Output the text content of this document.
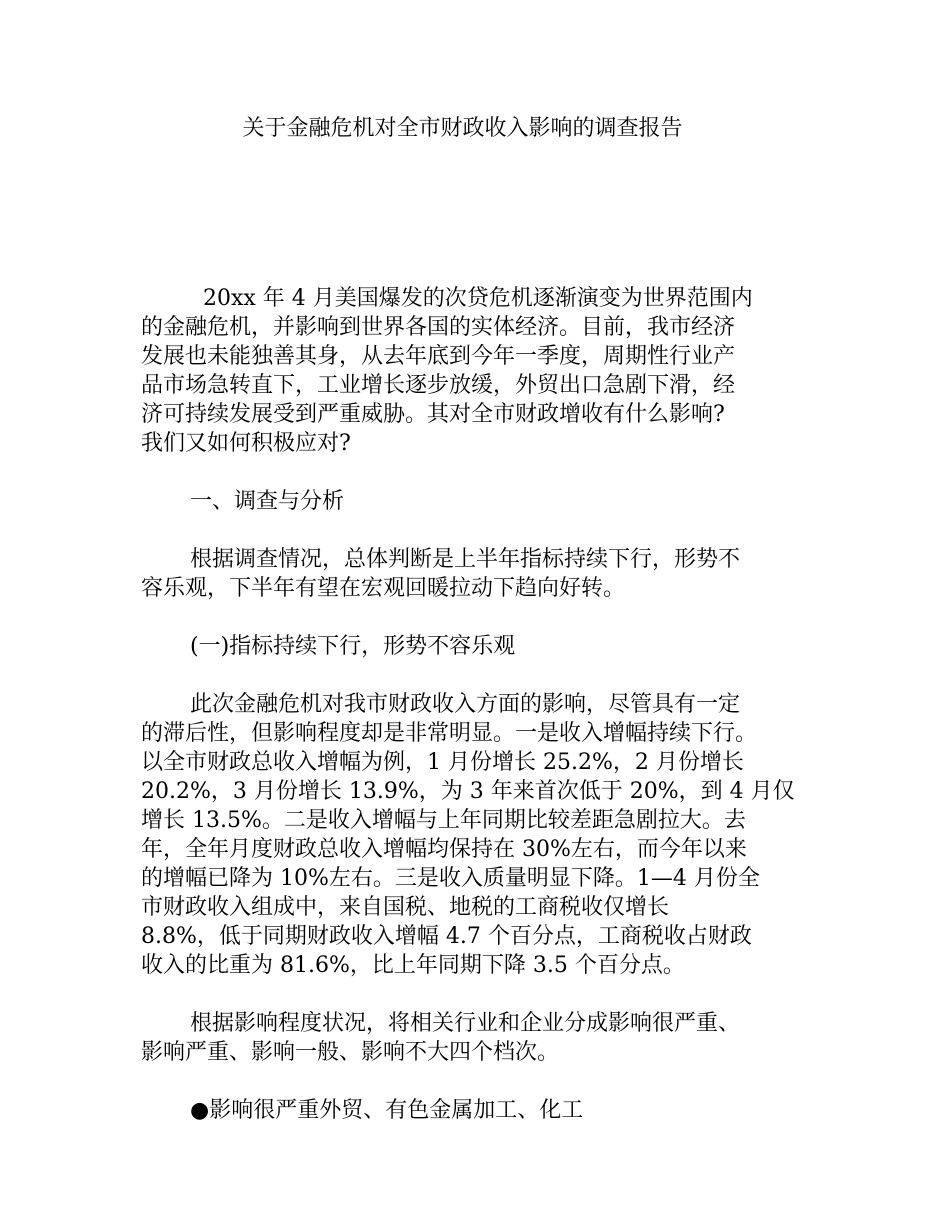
关于金融危机对全市财政收入影响的调查报告
20xx 年 4 月美国爆发的次贷危机逐渐演变为世界范围内
的金融危机，并影响到世界各国的实体经济。目前，我市经济
发展也未能独善其身，从去年底到今年一季度，周期性行业产
品市场急转直下，工业增长逐步放缓，外贸出口急剧下滑，经
济可持续发展受到严重威胁。其对全市财政增收有什么影响?
我们又如何积极应对?
一、调查与分析
根据调查情况，总体判断是上半年指标持续下行，形势不
容乐观，下半年有望在宏观回暖拉动下趋向好转。
(一)指标持续下行，形势不容乐观
此次金融危机对我市财政收入方面的影响，尽管具有一定
的滞后性，但影响程度却是非常明显。一是收入增幅持续下行。
以全市财政总收入增幅为例，1 月份增长 25.2%，2 月份增长
20.2%，3 月份增长 13.9%，为 3 年来首次低于 20%，到 4 月仅
增长 13.5%。二是收入增幅与上年同期比较差距急剧拉大。去
年，全年月度财政总收入增幅均保持在 30%左右，而今年以来
的增幅已降为 10%左右。三是收入质量明显下降。1—4 月份全
市财政收入组成中，来自国税、地税的工商税收仅增长
8.8%，低于同期财政收入增幅 4.7 个百分点，工商税收占财政
收入的比重为 81.6%，比上年同期下降 3.5 个百分点。
根据影响程度状况，将相关行业和企业分成影响很严重、
影响严重、影响一般、影响不大四个档次。
●影响很严重外贸、有色金属加工、化工
